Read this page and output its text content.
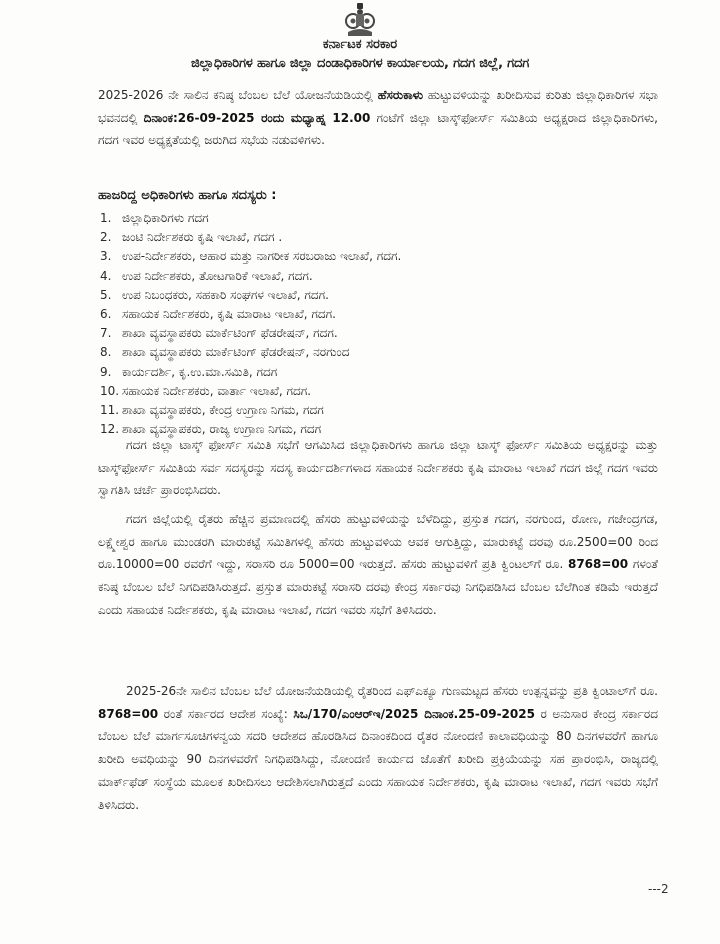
ಕರ್ನಾಟಕ ಸರಕಾರ
ಜಿಲ್ಲಾಧಿಕಾರಿಗಳ ಹಾಗೂ ಜಿಲ್ಲಾ ದಂಡಾಧಿಕಾರಿಗಳ ಕಾರ್ಯಾಲಯ, ಗದಗ ಜಿಲ್ಲೆ, ಗದಗ
2025-2026 ನೇ ಸಾಲಿನ ಕನಿಷ್ಠ ಬೆಂಬಲ ಬೆಲೆ ಯೋಜನೆಯಡಿಯಲ್ಲಿ ಹೆಸರುಕಾಳು ಹುಟ್ಟುವಳಿಯನ್ನು ಖರೀದಿಸುವ ಕುರಿತು ಜಿಲ್ಲಾಧಿಕಾರಿಗಳ ಸಭಾ ಭವನದಲ್ಲಿ ದಿನಾಂಕ:26-09-2025 ರಂದು ಮಧ್ಯಾಹ್ನ 12.00 ಗಂಟೆಗೆ ಜಿಲ್ಲಾ ಟಾಸ್ಕ್‌ಫೋರ್ಸ್ ಸಮಿತಿಯ ಅಧ್ಯಕ್ಷರಾದ ಜಿಲ್ಲಾಧಿಕಾರಿಗಳು, ಗದಗ ಇವರ ಅಧ್ಯಕ್ಷತೆಯಲ್ಲಿ ಜರುಗಿದ ಸಭೆಯ ನಡುವಳಿಗಳು.
ಹಾಜರಿದ್ದ ಅಧಿಕಾರಿಗಳು ಹಾಗೂ ಸದಸ್ಯರು :
1. ಜಿಲ್ಲಾಧಿಕಾರಿಗಳು ಗದಗ
2. ಜಂಟಿ ನಿರ್ದೇಶಕರು ಕೃಷಿ ಇಲಾಖೆ, ಗದಗ .
3. ಉಪ-ನಿರ್ದೇಶಕರು, ಆಹಾರ ಮತ್ತು ನಾಗರೀಕ ಸರಬರಾಜು ಇಲಾಖೆ, ಗದಗ.
4. ಉಪ ನಿರ್ದೇಶಕರು, ತೋಟಗಾರಿಕೆ ಇಲಾಖೆ, ಗದಗ.
5. ಉಪ ನಿಬಂಧಕರು, ಸಹಕಾರಿ ಸಂಘಗಳ ಇಲಾಖೆ, ಗದಗ.
6. ಸಹಾಯಕ ನಿರ್ದೇಶಕರು, ಕೃಷಿ ಮಾರಾಟ ಇಲಾಖೆ, ಗದಗ.
7. ಶಾಖಾ ವ್ಯವಸ್ಥಾಪಕರು ಮಾರ್ಕೆಟಿಂಗ್ ಫೆಡರೇಷನ್, ಗದಗ.
8. ಶಾಖಾ ವ್ಯವಸ್ಥಾಪಕರು ಮಾರ್ಕೆಟಿಂಗ್ ಫೆಡರೇಷನ್, ನರಗುಂದ
9. ಕಾರ್ಯದರ್ಶಿ, ಕೃ.ಉ.ಮಾ.ಸಮಿತಿ, ಗದಗ
10. ಸಹಾಯಕ ನಿರ್ದೇಶಕರು, ವಾರ್ತಾ ಇಲಾಖೆ, ಗದಗ.
11. ಶಾಖಾ ವ್ಯವಸ್ಥಾಪಕರು, ಕೇಂದ್ರ ಉಗ್ರಾಣ ನಿಗಮ, ಗದಗ
12. ಶಾಖಾ ವ್ಯವಸ್ಥಾಪಕರು, ರಾಜ್ಯ ಉಗ್ರಾಣ ನಿಗಮ, ಗದಗ
ಗದಗ ಜಿಲ್ಲಾ ಟಾಸ್ಕ್ ಫೋರ್ಸ್ ಸಮಿತಿ ಸಭೆಗೆ ಆಗಮಿಸಿದ ಜಿಲ್ಲಾಧಿಕಾರಿಗಳು ಹಾಗೂ ಜಿಲ್ಲಾ ಟಾಸ್ಕ್ ಫೋರ್ಸ್ ಸಮಿತಿಯ ಅಧ್ಯಕ್ಷರನ್ನು ಮತ್ತು ಟಾಸ್ಕ್‌ಫೋರ್ಸ್ ಸಮಿತಿಯ ಸರ್ವ ಸದಸ್ಯರನ್ನು ಸದಸ್ಯ ಕಾರ್ಯದರ್ಶಿಗಳಾದ ಸಹಾಯಕ ನಿರ್ದೇಶಕರು ಕೃಷಿ ಮಾರಾಟ ಇಲಾಖೆ ಗದಗ ಜಿಲ್ಲೆ ಗದಗ ಇವರು ಸ್ವಾಗತಿಸಿ ಚರ್ಚೆ ಪ್ರಾರಂಭಿಸಿದರು.
ಗದಗ ಜಿಲ್ಲೆಯಲ್ಲಿ ರೈತರು ಹೆಚ್ಚಿನ ಪ್ರಮಾಣದಲ್ಲಿ ಹೆಸರು ಹುಟ್ಟುವಳಿಯನ್ನು ಬೆಳೆದಿದ್ದು, ಪ್ರಸ್ತುತ ಗದಗ, ನರಗುಂದ, ರೋಣ, ಗಜೇಂದ್ರಗಡ, ಲಕ್ಷ್ಮೇಶ್ವರ ಹಾಗೂ ಮುಂಡರಗಿ ಮಾರುಕಟ್ಟೆ ಸಮಿತಿಗಳಲ್ಲಿ ಹೆಸರು ಹುಟ್ಟುವಳಿಯ ಆವಕ ಆಗುತ್ತಿದ್ದು, ಮಾರುಕಟ್ಟೆ ದರವು ರೂ.2500=00 ರಿಂದ ರೂ.10000=00 ರವರೆಗೆ ಇದ್ದು, ಸರಾಸರಿ ರೂ 5000=00 ಇರುತ್ತದೆ. ಹೆಸರು ಹುಟ್ಟುವಳಿಗೆ ಪ್ರತಿ ಕ್ವಿಂಟಲ್‌ಗೆ ರೂ. 8768=00 ಗಳಂತೆ ಕನಿಷ್ಠ ಬೆಂಬಲ ಬೆಲೆ ನಿಗದಿಪಡಿಸಿರುತ್ತದೆ. ಪ್ರಸ್ತುತ ಮಾರುಕಟ್ಟೆ ಸರಾಸರಿ ದರವು ಕೇಂದ್ರ ಸರ್ಕಾರವು ನಿಗಧಿಪಡಿಸಿದ ಬೆಂಬಲ ಬೆಲೆಗಿಂತ ಕಡಿಮೆ ಇರುತ್ತದೆ ಎಂದು ಸಹಾಯಕ ನಿರ್ದೇಶಕರು, ಕೃಷಿ ಮಾರಾಟ ಇಲಾಖೆ, ಗದಗ ಇವರು ಸಭೆಗೆ ತಿಳಿಸಿದರು.
2025-26ನೇ ಸಾಲಿನ ಬೆಂಬಲ ಬೆಲೆ ಯೋಜನೆಯಡಿಯಲ್ಲಿ ರೈತರಿಂದ ಎಫ್‌ಎಕ್ಯೂ ಗುಣಮಟ್ಟದ ಹೆಸರು ಉತ್ಪನ್ನವನ್ನು ಪ್ರತಿ ಕ್ವಿಂಟಾಲ್‌ಗೆ ರೂ. 8768=00 ರಂತೆ ಸರ್ಕಾರದ ಆದೇಶ ಸಂಖ್ಯೆ: ಸಿಒ/170/ಎಂಆರ್‌ಇ/2025 ದಿನಾಂಕ.25-09-2025 ರ ಅನುಸಾರ ಕೇಂದ್ರ ಸರ್ಕಾರದ ಬೆಂಬಲ ಬೆಲೆ ಮಾರ್ಗಸೂಚಿಗಳನ್ವಯ ಸದರಿ ಆದೇಶದ ಹೊರಡಿಸಿದ ದಿನಾಂಕದಿಂದ ರೈತರ ನೋಂದಣಿ ಕಾಲಾವಧಿಯನ್ನು 80 ದಿನಗಳವರೆಗೆ ಹಾಗೂ ಖರೀದಿ ಅವಧಿಯನ್ನು 90 ದಿನಗಳವರೆಗೆ ನಿಗಧಿಪಡಿಸಿದ್ದು, ನೋಂದಣಿ ಕಾರ್ಯದ ಜೊತೆಗೆ ಖರೀದಿ ಪ್ರಕ್ರಿಯೆಯನ್ನು ಸಹ ಪ್ರಾರಂಭಿಸಿ, ರಾಜ್ಯದಲ್ಲಿ ಮಾರ್ಕ್‌ಫೆಡ್ ಸಂಸ್ಥೆಯ ಮೂಲಕ ಖರೀದಿಸಲು ಆದೇಶಿಸಲಾಗಿರುತ್ತದೆ ಎಂದು ಸಹಾಯಕ ನಿರ್ದೇಶಕರು, ಕೃಷಿ ಮಾರಾಟ ಇಲಾಖೆ, ಗದಗ ಇವರು ಸಭೆಗೆ ತಿಳಿಸಿದರು.
---2
